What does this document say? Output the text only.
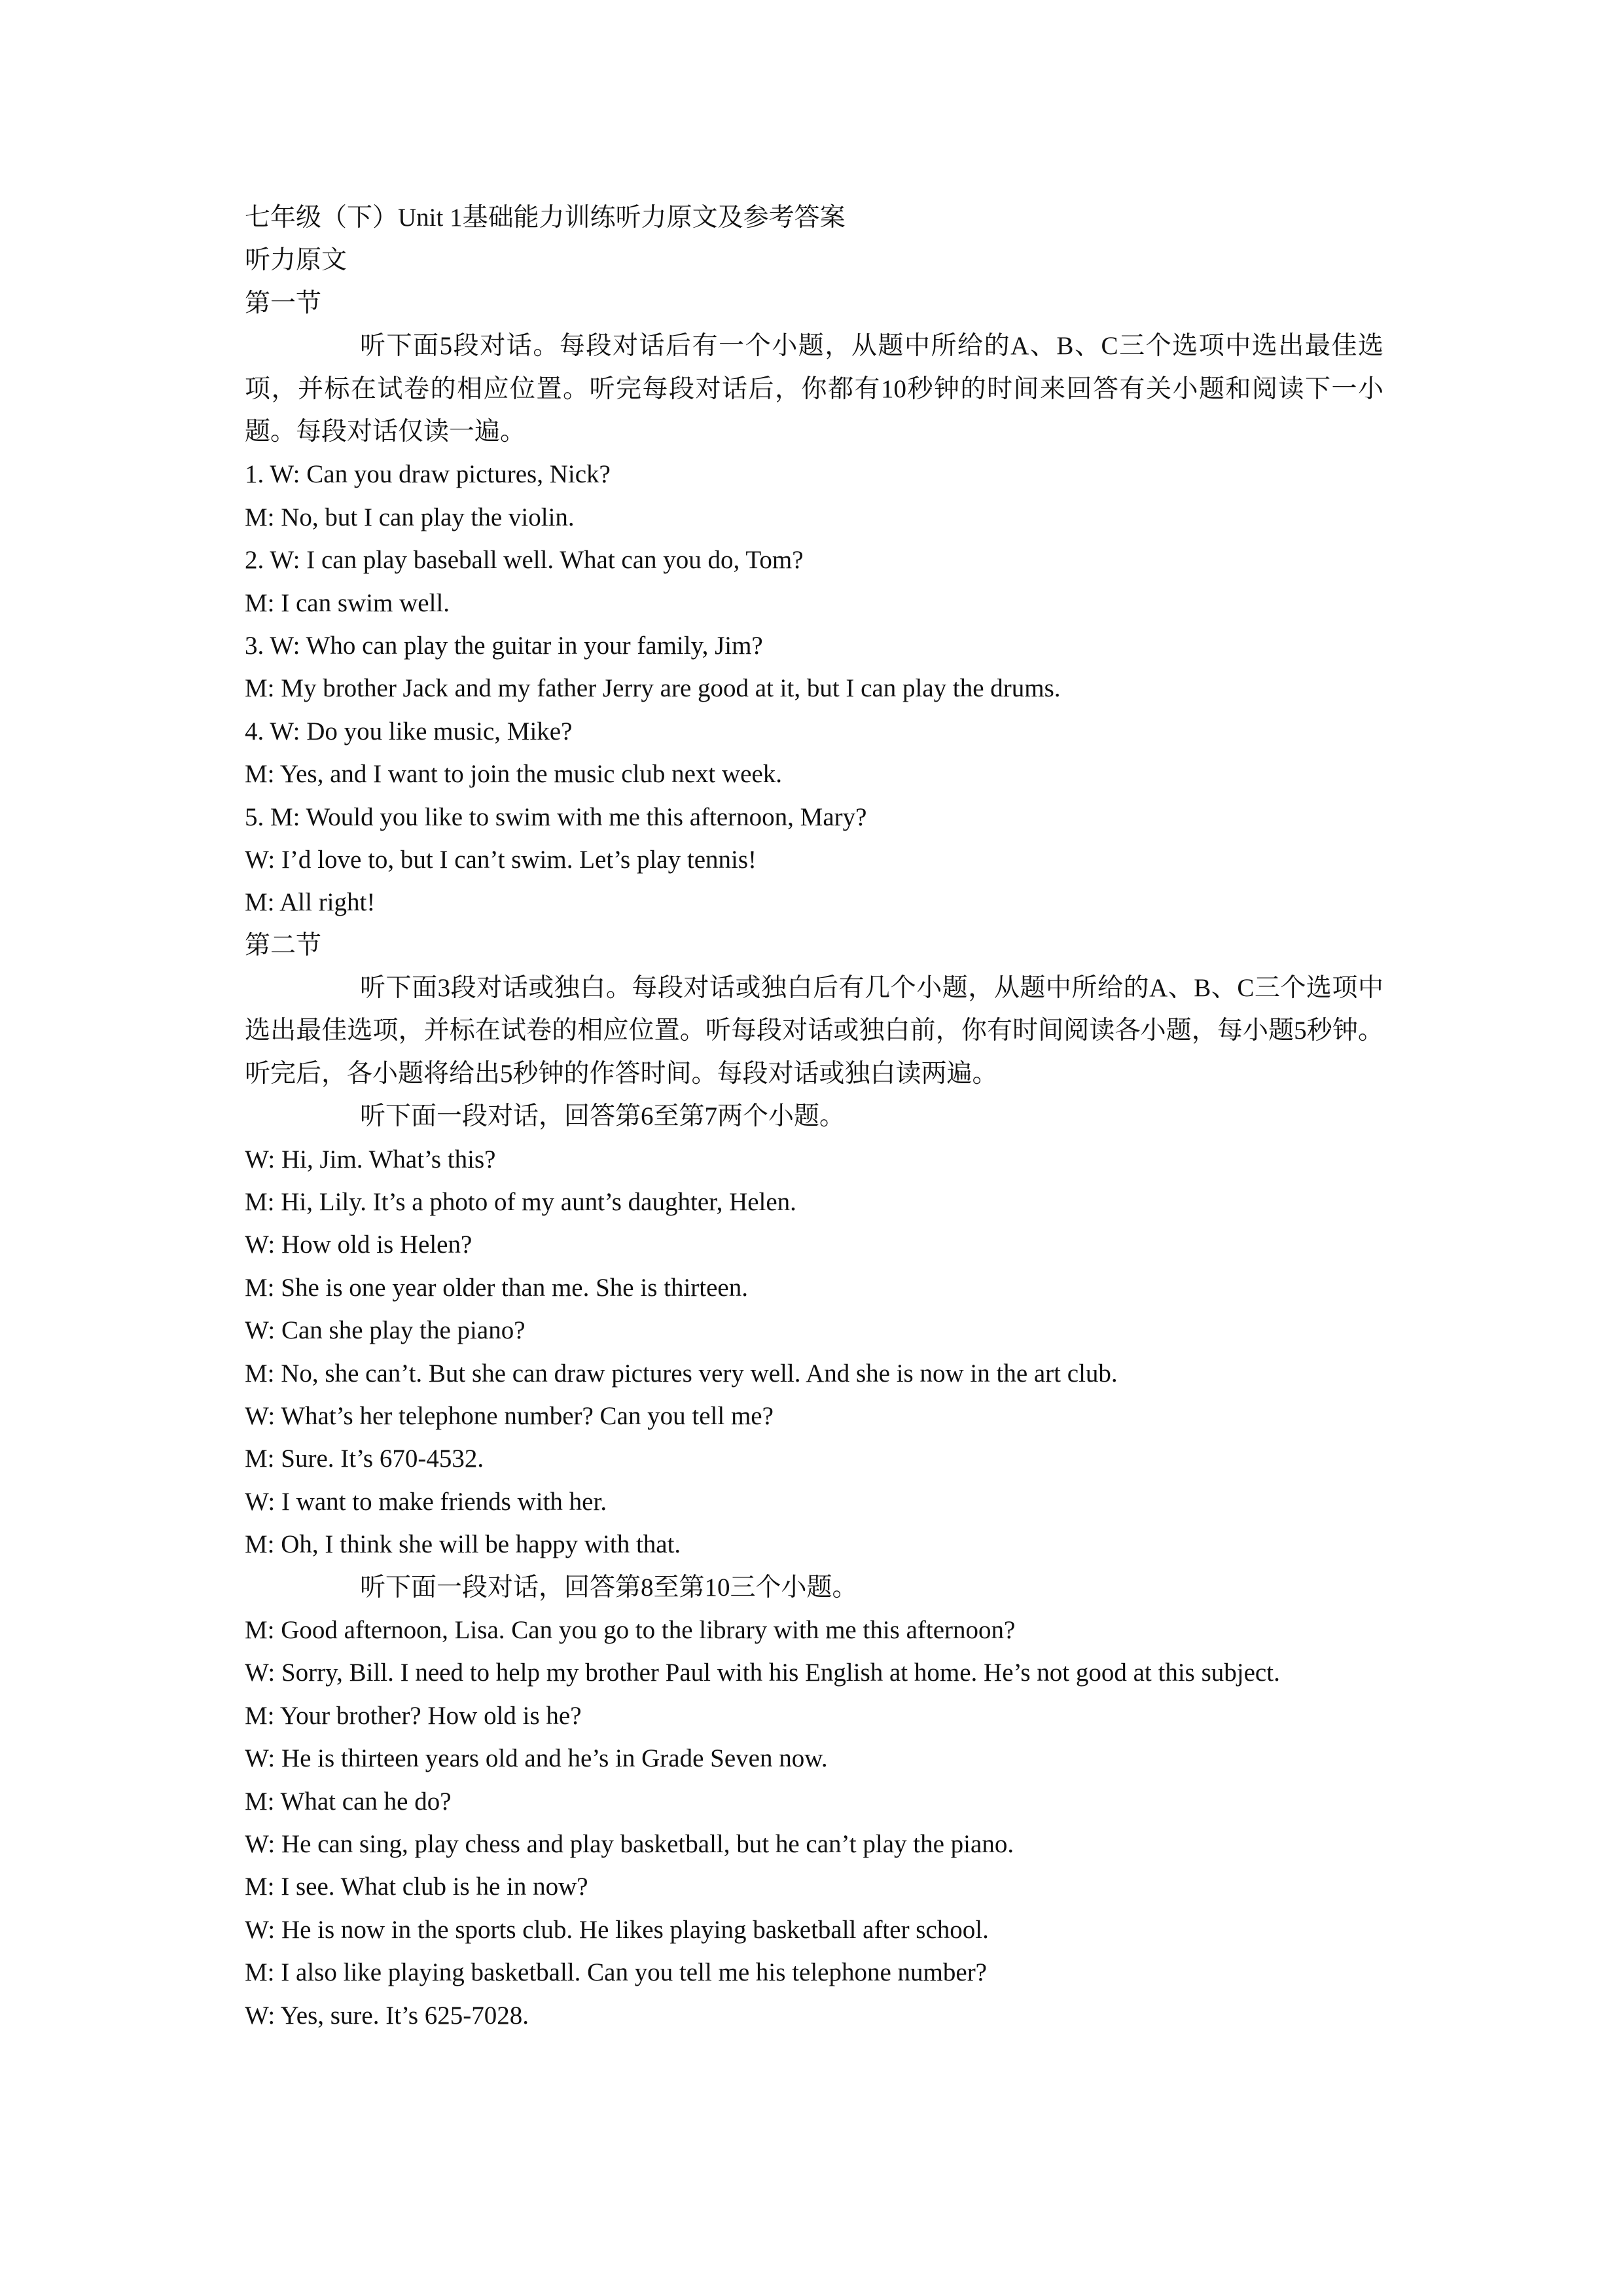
七年级（下）Unit 1基础能力训练听力原文及参考答案

听力原文

第一节

听下面5段对话。每段对话后有一个小题，从题中所给的A、B、C三个选项中选出最佳选项，并标在试卷的相应位置。听完每段对话后，你都有10秒钟的时间来回答有关小题和阅读下一小题。每段对话仅读一遍。

1. W: Can you draw pictures, Nick?

M: No, but I can play the violin.

2. W: I can play baseball well. What can you do, Tom?

M: I can swim well.

3. W: Who can play the guitar in your family, Jim?

M: My brother Jack and my father Jerry are good at it, but I can play the drums.

4. W: Do you like music, Mike?

M: Yes, and I want to join the music club next week.

5. M: Would you like to swim with me this afternoon, Mary?

W: I’d love to, but I can’t swim. Let’s play tennis!

M: All right!

第二节

听下面3段对话或独白。每段对话或独白后有几个小题，从题中所给的A、B、C三个选项中选出最佳选项，并标在试卷的相应位置。听每段对话或独白前，你有时间阅读各小题，每小题5秒钟。听完后，各小题将给出5秒钟的作答时间。每段对话或独白读两遍。

听下面一段对话，回答第6至第7两个小题。

W: Hi, Jim. What’s this?

M: Hi, Lily. It’s a photo of my aunt’s daughter, Helen.

W: How old is Helen?

M: She is one year older than me. She is thirteen.

W: Can she play the piano?

M: No, she can’t. But she can draw pictures very well. And she is now in the art club.

W: What’s her telephone number? Can you tell me?

M: Sure. It’s 670-4532.

W: I want to make friends with her.

M: Oh, I think she will be happy with that.

听下面一段对话，回答第8至第10三个小题。

M: Good afternoon, Lisa. Can you go to the library with me this afternoon?

W: Sorry, Bill. I need to help my brother Paul with his English at home. He’s not good at this subject.

M: Your brother? How old is he?

W: He is thirteen years old and he’s in Grade Seven now.

M: What can he do?

W: He can sing, play chess and play basketball, but he can’t play the piano.

M: I see. What club is he in now?

W: He is now in the sports club. He likes playing basketball after school.

M: I also like playing basketball. Can you tell me his telephone number?

W: Yes, sure. It’s 625-7028.
